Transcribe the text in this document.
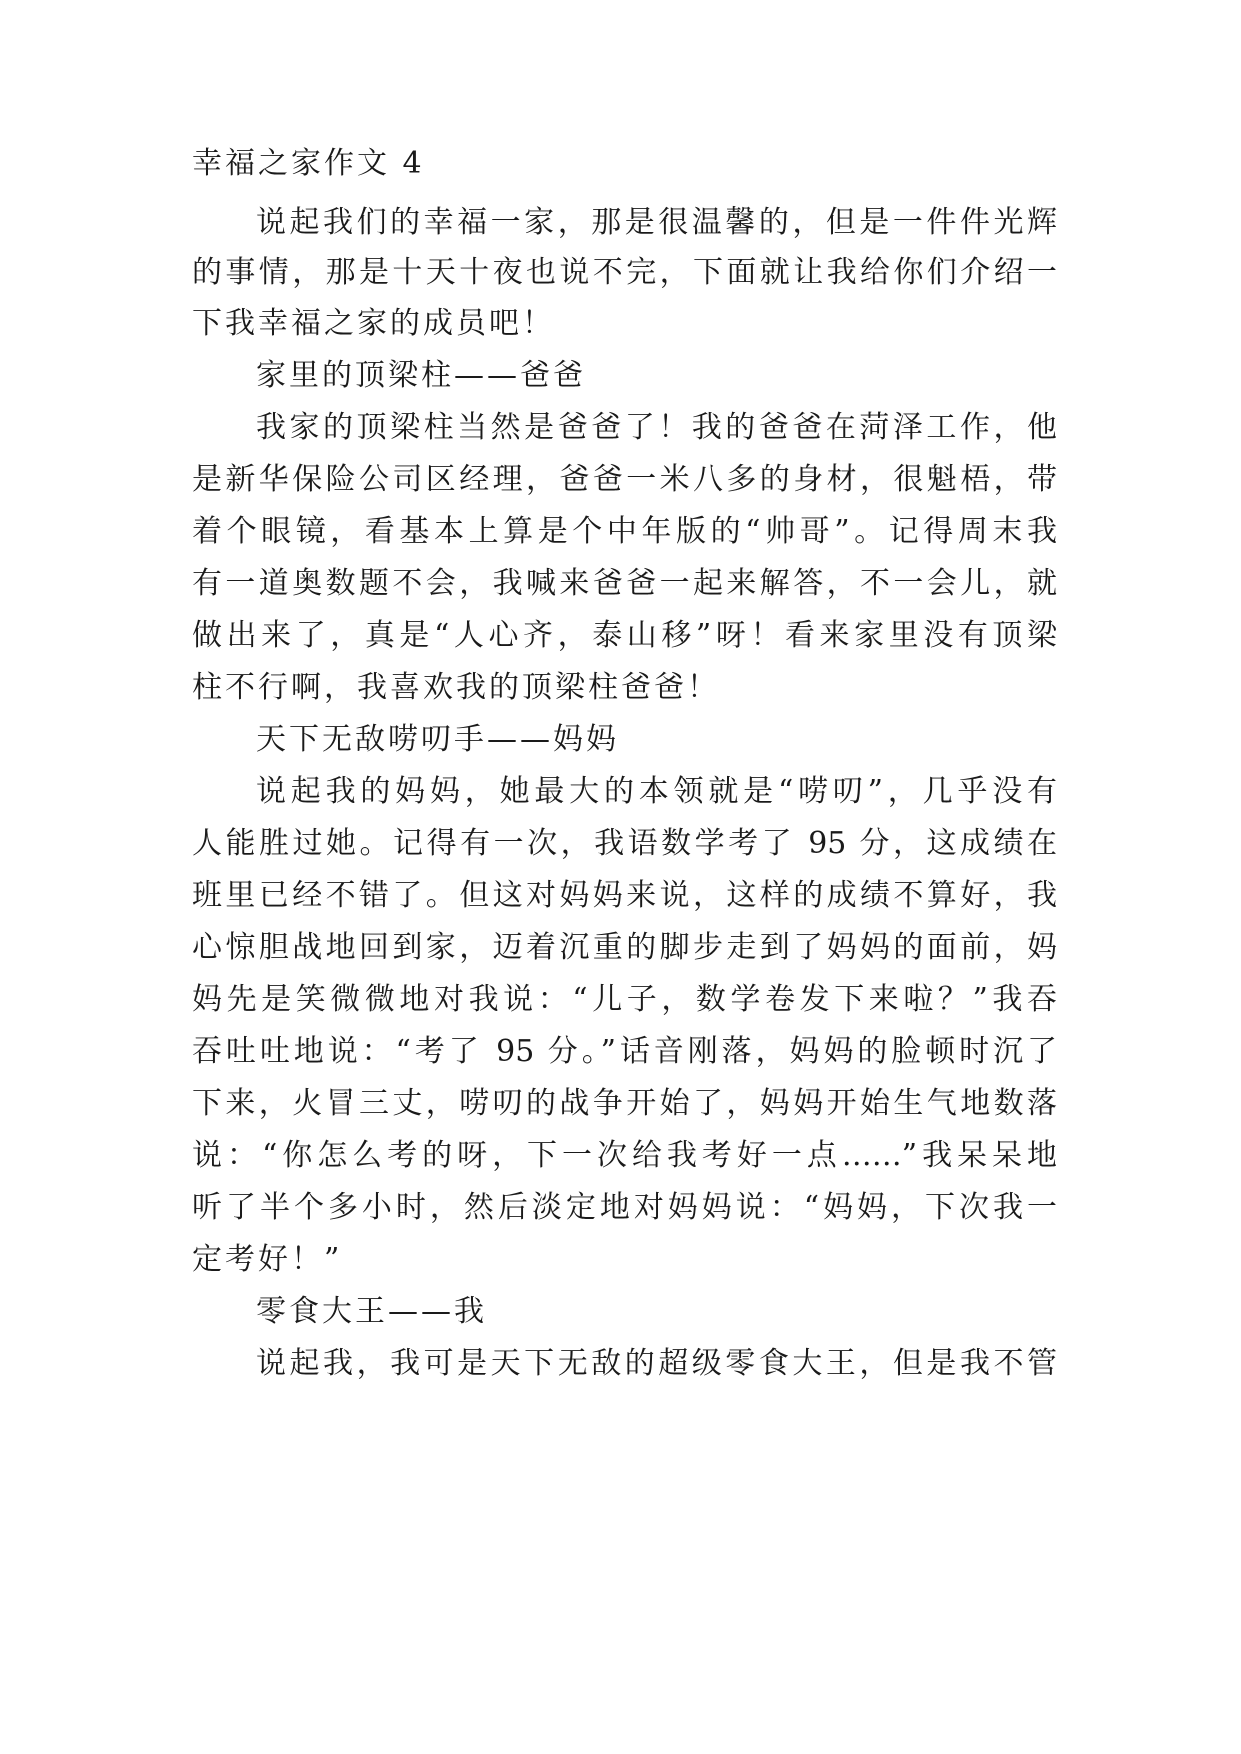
幸福之家作文 4
说起我们的幸福一家，那是很温馨的，但是一件件光辉
的事情，那是十天十夜也说不完，下面就让我给你们介绍一
下我幸福之家的成员吧！
家里的顶梁柱——爸爸
我家的顶梁柱当然是爸爸了！我的爸爸在菏泽工作，他
是新华保险公司区经理，爸爸一米八多的身材，很魁梧，带
着个眼镜，看基本上算是个中年版的“帅哥”。记得周末我
有一道奥数题不会，我喊来爸爸一起来解答，不一会儿，就
做出来了，真是“人心齐，泰山移”呀！看来家里没有顶梁
柱不行啊，我喜欢我的顶梁柱爸爸！
天下无敌唠叨手——妈妈
说起我的妈妈，她最大的本领就是“唠叨”，几乎没有
人能胜过她。记得有一次，我语数学考了 95 分，这成绩在
班里已经不错了。但这对妈妈来说，这样的成绩不算好，我
心惊胆战地回到家，迈着沉重的脚步走到了妈妈的面前，妈
妈先是笑微微地对我说：“儿子，数学卷发下来啦？”我吞
吞吐吐地说：“考了 95 分。”话音刚落，妈妈的脸顿时沉了
下来，火冒三丈，唠叨的战争开始了，妈妈开始生气地数落
说：“你怎么考的呀，下一次给我考好一点……”我呆呆地
听了半个多小时，然后淡定地对妈妈说：“妈妈，下次我一
定考好！”
零食大王——我
说起我，我可是天下无敌的超级零食大王，但是我不管
